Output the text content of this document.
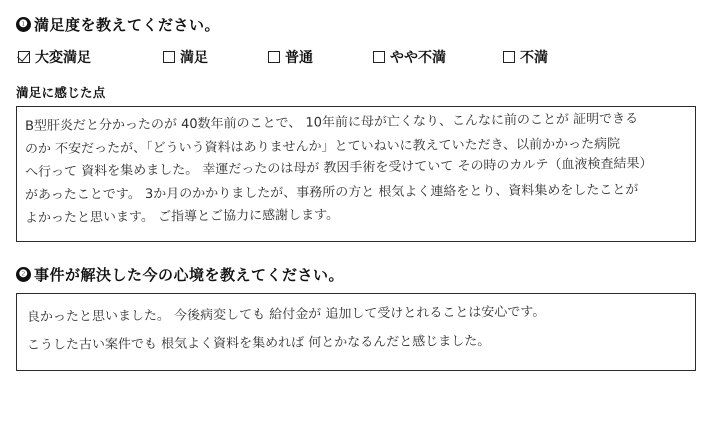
❶ 満足度を教えてください。
大変満足	満足	普通	やや不満	不満
満足に感じた点
B型肝炎だと分かったのが 40数年前のことで、 10年前に母が亡くなり、こんなに前のことが 証明できる
のか 不安だったが、「どういう資料はありませんか」とていねいに教えていただき、以前かかった病院
へ行って 資料を集めました。 幸運だったのは母が 教因手術を受けていて その時のカルテ（血液検査結果）
があったことです。 3か月のかかりましたが、事務所の方と 根気よく連絡をとり、資料集めをしたことが
よかったと思います。 ご指導とご協力に感謝します。
❷ 事件が解決した今の心境を教えてください。
良かったと思いました。 今後病変しても 給付金が 追加して受けとれることは安心です。
こうした古い案件でも 根気よく資料を集めれば 何とかなるんだと感じました。
